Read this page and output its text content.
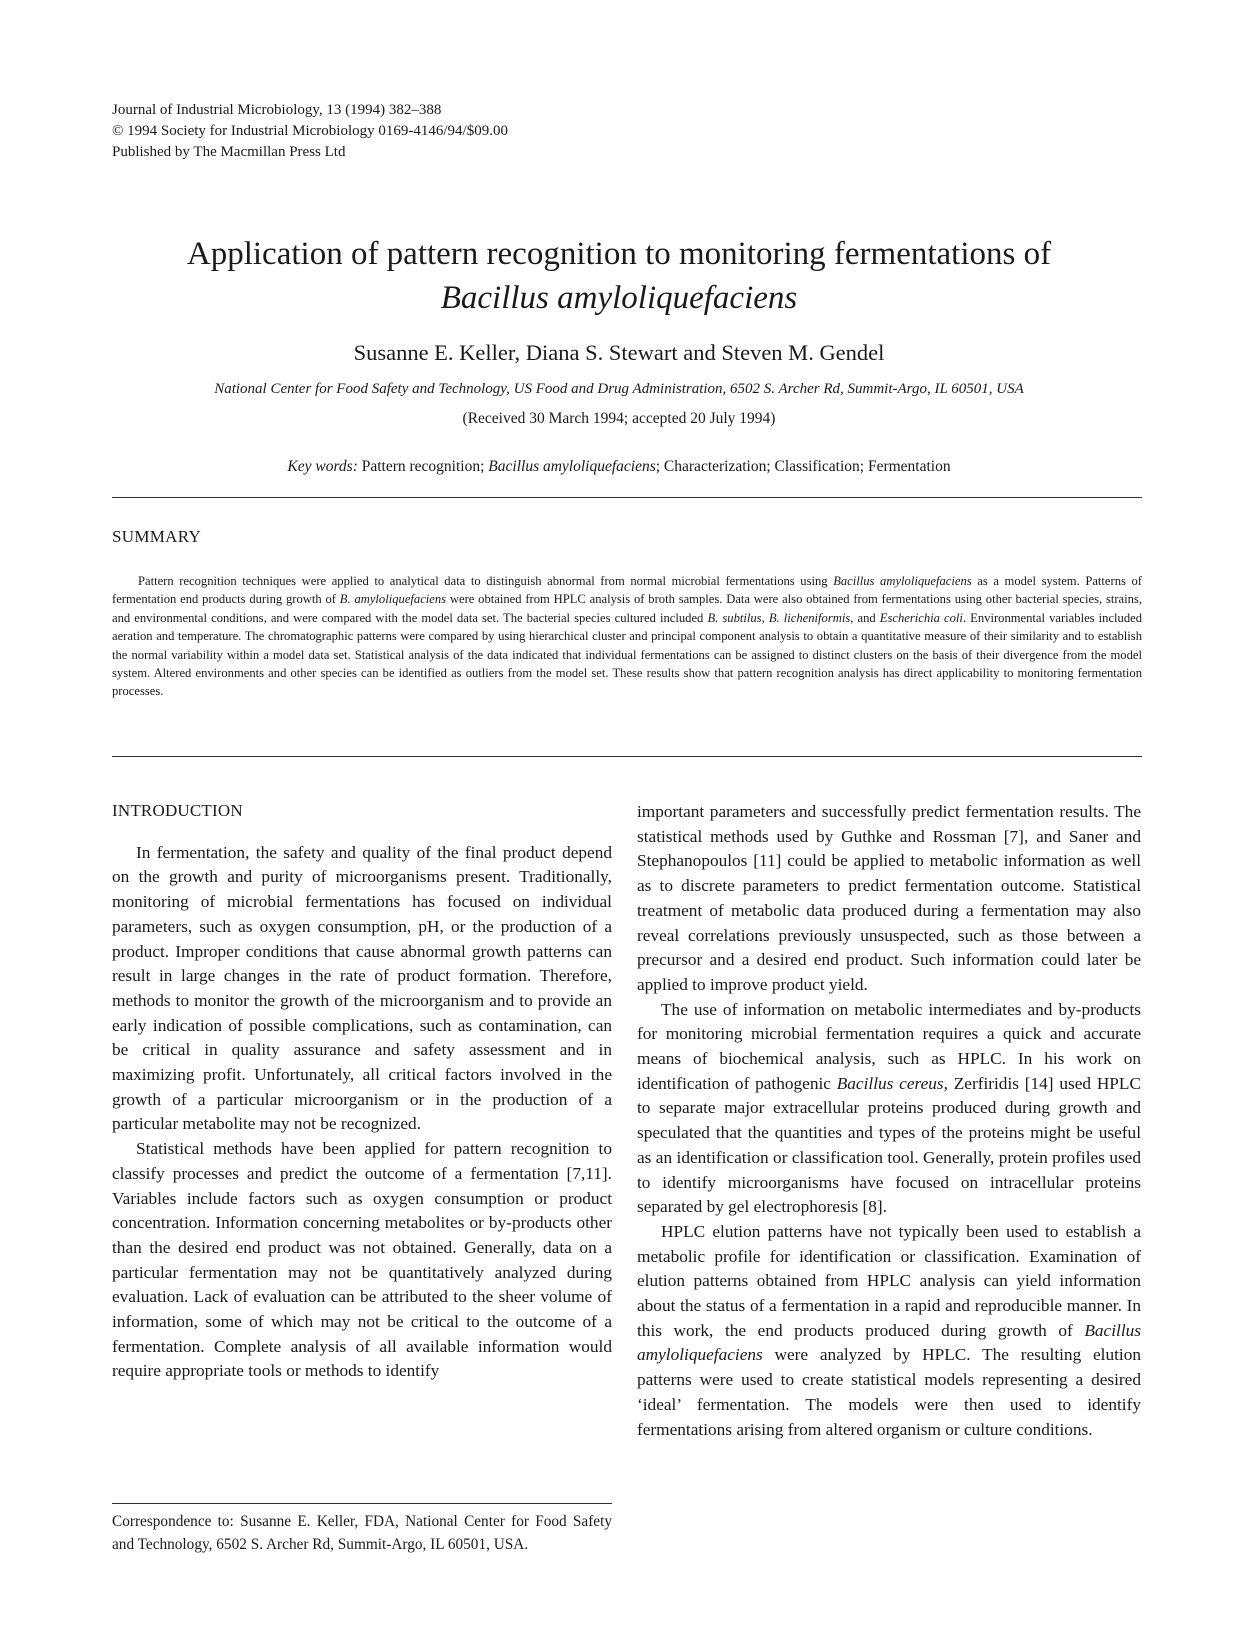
Journal of Industrial Microbiology, 13 (1994) 382–388
© 1994 Society for Industrial Microbiology 0169-4146/94/$09.00
Published by The Macmillan Press Ltd
Application of pattern recognition to monitoring fermentations of
Bacillus amyloliquefaciens
Susanne E. Keller, Diana S. Stewart and Steven M. Gendel
National Center for Food Safety and Technology, US Food and Drug Administration, 6502 S. Archer Rd, Summit-Argo, IL 60501, USA
(Received 30 March 1994; accepted 20 July 1994)
Key words: Pattern recognition; Bacillus amyloliquefaciens; Characterization; Classification; Fermentation
SUMMARY

Pattern recognition techniques were applied to analytical data to distinguish abnormal from normal microbial fermentations using Bacillus amyloliquefaciens as a model system. Patterns of fermentation end products during growth of B. amyloliquefaciens were obtained from HPLC analysis of broth samples. Data were also obtained from fermentations using other bacterial species, strains, and environmental conditions, and were compared with the model data set. The bacterial species cultured included B. subtilus, B. licheniformis, and Escherichia coli. Environmental variables included aeration and temperature. The chromatographic patterns were compared by using hierarchical cluster and principal component analysis to obtain a quantitative measure of their similarity and to establish the normal variability within a model data set. Statistical analysis of the data indicated that individual fermentations can be assigned to distinct clusters on the basis of their divergence from the model system. Altered environments and other species can be identified as outliers from the model set. These results show that pattern recognition analysis has direct applicability to monitoring fermentation processes.

INTRODUCTION

In fermentation, the safety and quality of the final product depend on the growth and purity of microorganisms present. Traditionally, monitoring of microbial fermentations has focused on individual parameters, such as oxygen consumption, pH, or the production of a product. Improper conditions that cause abnormal growth patterns can result in large changes in the rate of product formation. Therefore, methods to monitor the growth of the microorganism and to provide an early indication of possible complications, such as contamination, can be critical in quality assurance and safety assessment and in maximizing profit. Unfortunately, all critical factors involved in the growth of a particular microorganism or in the production of a particular metabolite may not be recognized.

Statistical methods have been applied for pattern recognition to classify processes and predict the outcome of a fermentation [7,11]. Variables include factors such as oxygen consumption or product concentration. Information concerning metabolites or by-products other than the desired end product was not obtained. Generally, data on a particular fermentation may not be quantitatively analyzed during evaluation. Lack of evaluation can be attributed to the sheer volume of information, some of which may not be critical to the outcome of a fermentation. Complete analysis of all available information would require appropriate tools or methods to identify

important parameters and successfully predict fermentation results. The statistical methods used by Guthke and Rossman [7], and Saner and Stephanopoulos [11] could be applied to metabolic information as well as to discrete parameters to predict fermentation outcome. Statistical treatment of metabolic data produced during a fermentation may also reveal correlations previously unsuspected, such as those between a precursor and a desired end product. Such information could later be applied to improve product yield.

The use of information on metabolic intermediates and by-products for monitoring microbial fermentation requires a quick and accurate means of biochemical analysis, such as HPLC. In his work on identification of pathogenic Bacillus cereus, Zerfiridis [14] used HPLC to separate major extracellular proteins produced during growth and speculated that the quantities and types of the proteins might be useful as an identification or classification tool. Generally, protein profiles used to identify microorganisms have focused on intracellular proteins separated by gel electrophoresis [8].

HPLC elution patterns have not typically been used to establish a metabolic profile for identification or classification. Examination of elution patterns obtained from HPLC analysis can yield information about the status of a fermentation in a rapid and reproducible manner. In this work, the end products produced during growth of Bacillus amyloliquefaciens were analyzed by HPLC. The resulting elution patterns were used to create statistical models representing a desired ‘ideal’ fermentation. The models were then used to identify fermentations arising from altered organism or culture conditions.

Correspondence to: Susanne E. Keller, FDA, National Center for Food Safety and Technology, 6502 S. Archer Rd, Summit-Argo, IL 60501, USA.
